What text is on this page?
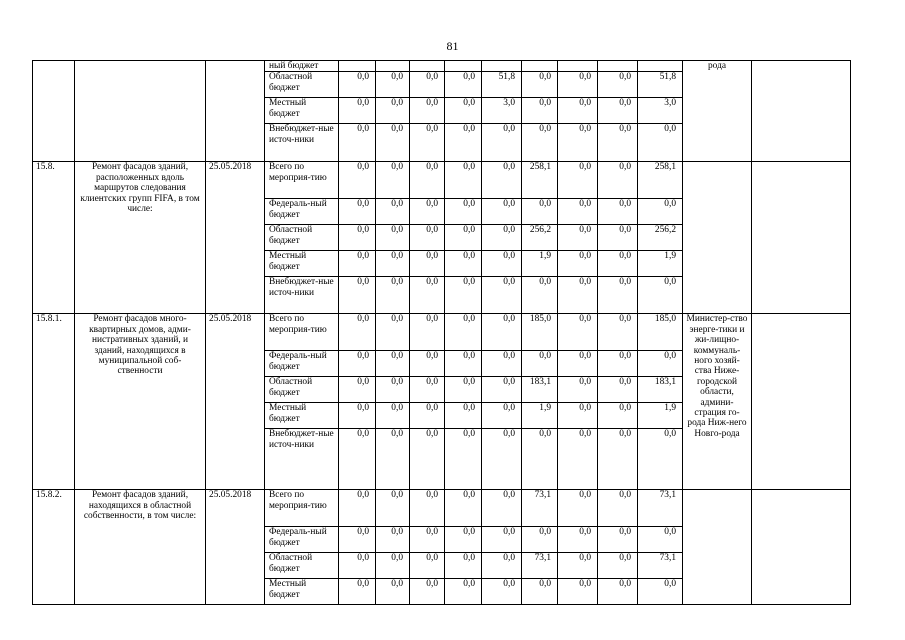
81
			ный бюджет										рода	
			Областной бюджет	0,0	0,0	0,0	0,0	51,8	0,0	0,0	0,0	51,8		
			Местный бюджет	0,0	0,0	0,0	0,0	3,0	0,0	0,0	0,0	3,0		
			Внебюджет-ные источ-ники	0,0	0,0	0,0	0,0	0,0	0,0	0,0	0,0	0,0		
15.8.	Ремонт фасадов зданий, расположенных вдоль маршрутов следования клиентских групп FIFA, в том числе:	25.05.2018	Всего по мероприя-тию	0,0	0,0	0,0	0,0	0,0	258,1	0,0	0,0	258,1		
			Федераль-ный бюджет	0,0	0,0	0,0	0,0	0,0	0,0	0,0	0,0	0,0		
			Областной бюджет	0,0	0,0	0,0	0,0	0,0	256,2	0,0	0,0	256,2		
			Местный бюджет	0,0	0,0	0,0	0,0	0,0	1,9	0,0	0,0	1,9		
			Внебюджет-ные источ-ники	0,0	0,0	0,0	0,0	0,0	0,0	0,0	0,0	0,0		
15.8.1.	Ремонт фасадов много-квартирных домов, адми-нистративных зданий, и зданий, находящихся в муниципальной соб-ственности	25.05.2018	Всего по мероприя-тию	0,0	0,0	0,0	0,0	0,0	185,0	0,0	0,0	185,0	Министер-ство энерге-тики и жи-лищно-коммуналь-ного хозяй-ства Ниже-городской области, админи-страция го-рода Ниж-него Новго-рода	
			Федераль-ный бюджет	0,0	0,0	0,0	0,0	0,0	0,0	0,0	0,0	0,0		
			Областной бюджет	0,0	0,0	0,0	0,0	0,0	183,1	0,0	0,0	183,1		
			Местный бюджет	0,0	0,0	0,0	0,0	0,0	1,9	0,0	0,0	1,9		
			Внебюджет-ные источ-ники	0,0	0,0	0,0	0,0	0,0	0,0	0,0	0,0	0,0		
15.8.2.	Ремонт фасадов зданий, находящихся в областной собственности, в том числе:	25.05.2018	Всего по мероприя-тию	0,0	0,0	0,0	0,0	0,0	73,1	0,0	0,0	73,1		
			Федераль-ный бюджет	0,0	0,0	0,0	0,0	0,0	0,0	0,0	0,0	0,0		
			Областной бюджет	0,0	0,0	0,0	0,0	0,0	73,1	0,0	0,0	73,1		
			Местный бюджет	0,0	0,0	0,0	0,0	0,0	0,0	0,0	0,0	0,0		
